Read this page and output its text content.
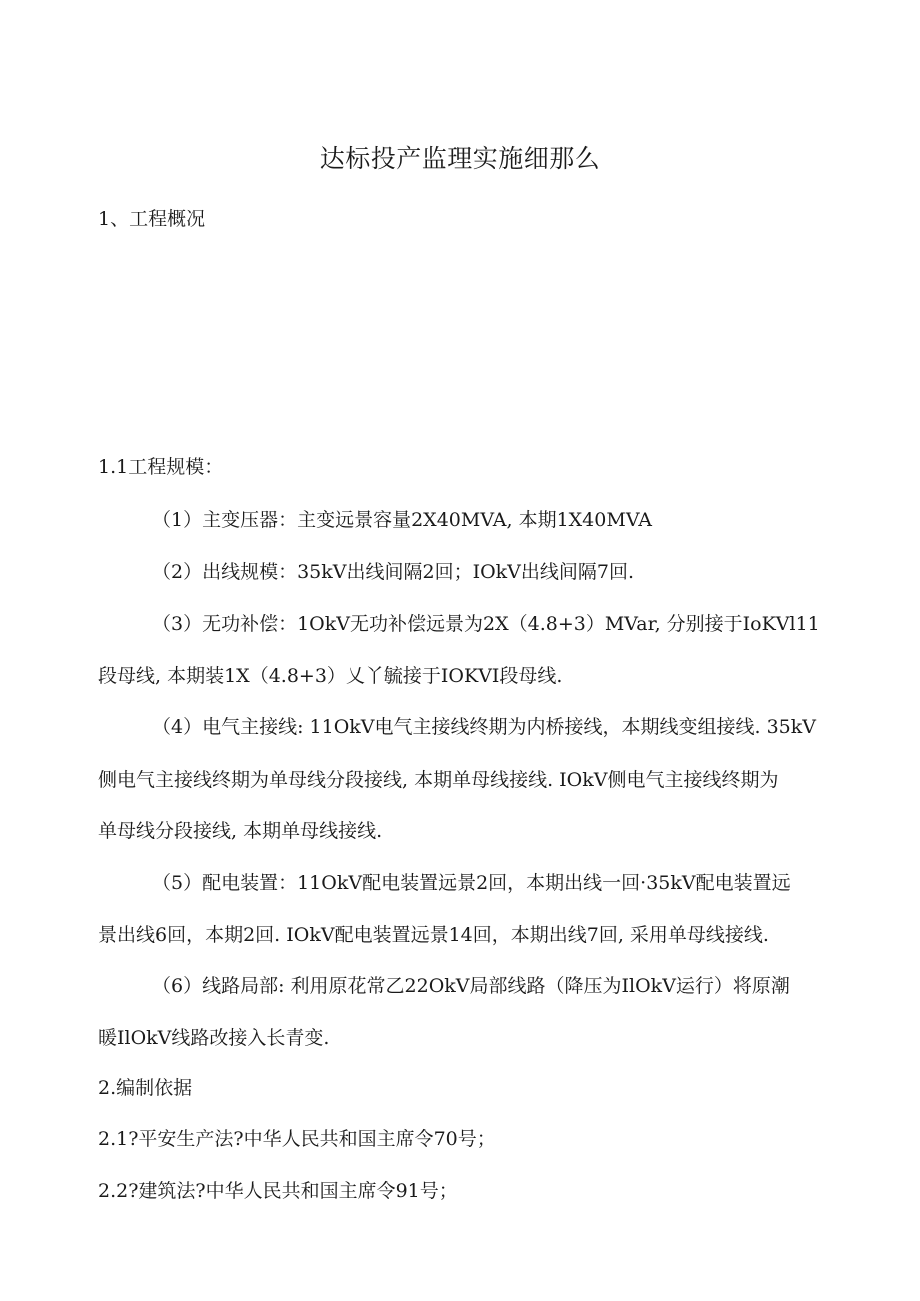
达标投产监理实施细那么
1、工程概况
1.1工程规模：
（1）主变压器：主变远景容量2X40MVA, 本期1X40MVA
（2）出线规模：35kV出线间隔2回；IOkV出线间隔7回.
（3）无功补偿：1OkV无功补偿远景为2X（4.8+3）MVar, 分别接于IoKVl11
段母线, 本期装1X（4.8+3）乂丫毓接于IOKVI段母线.
（4）电气主接线: 11OkV电气主接线终期为内桥接线，本期线变组接线. 35kV
侧电气主接线终期为单母线分段接线, 本期单母线接线. IOkV侧电气主接线终期为
单母线分段接线, 本期单母线接线.
（5）配电装置：11OkV配电装置远景2回，本期出线一回·35kV配电装置远
景出线6回，本期2回. IOkV配电装置远景14回，本期出线7回, 采用单母线接线.
（6）线路局部: 利用原花常乙22OkV局部线路（降压为IlOkV运行）将原潮
暖IlOkV线路改接入长青变.
2.编制依据
2.1?平安生产法?中华人民共和国主席令70号；
2.2?建筑法?中华人民共和国主席令91号；
